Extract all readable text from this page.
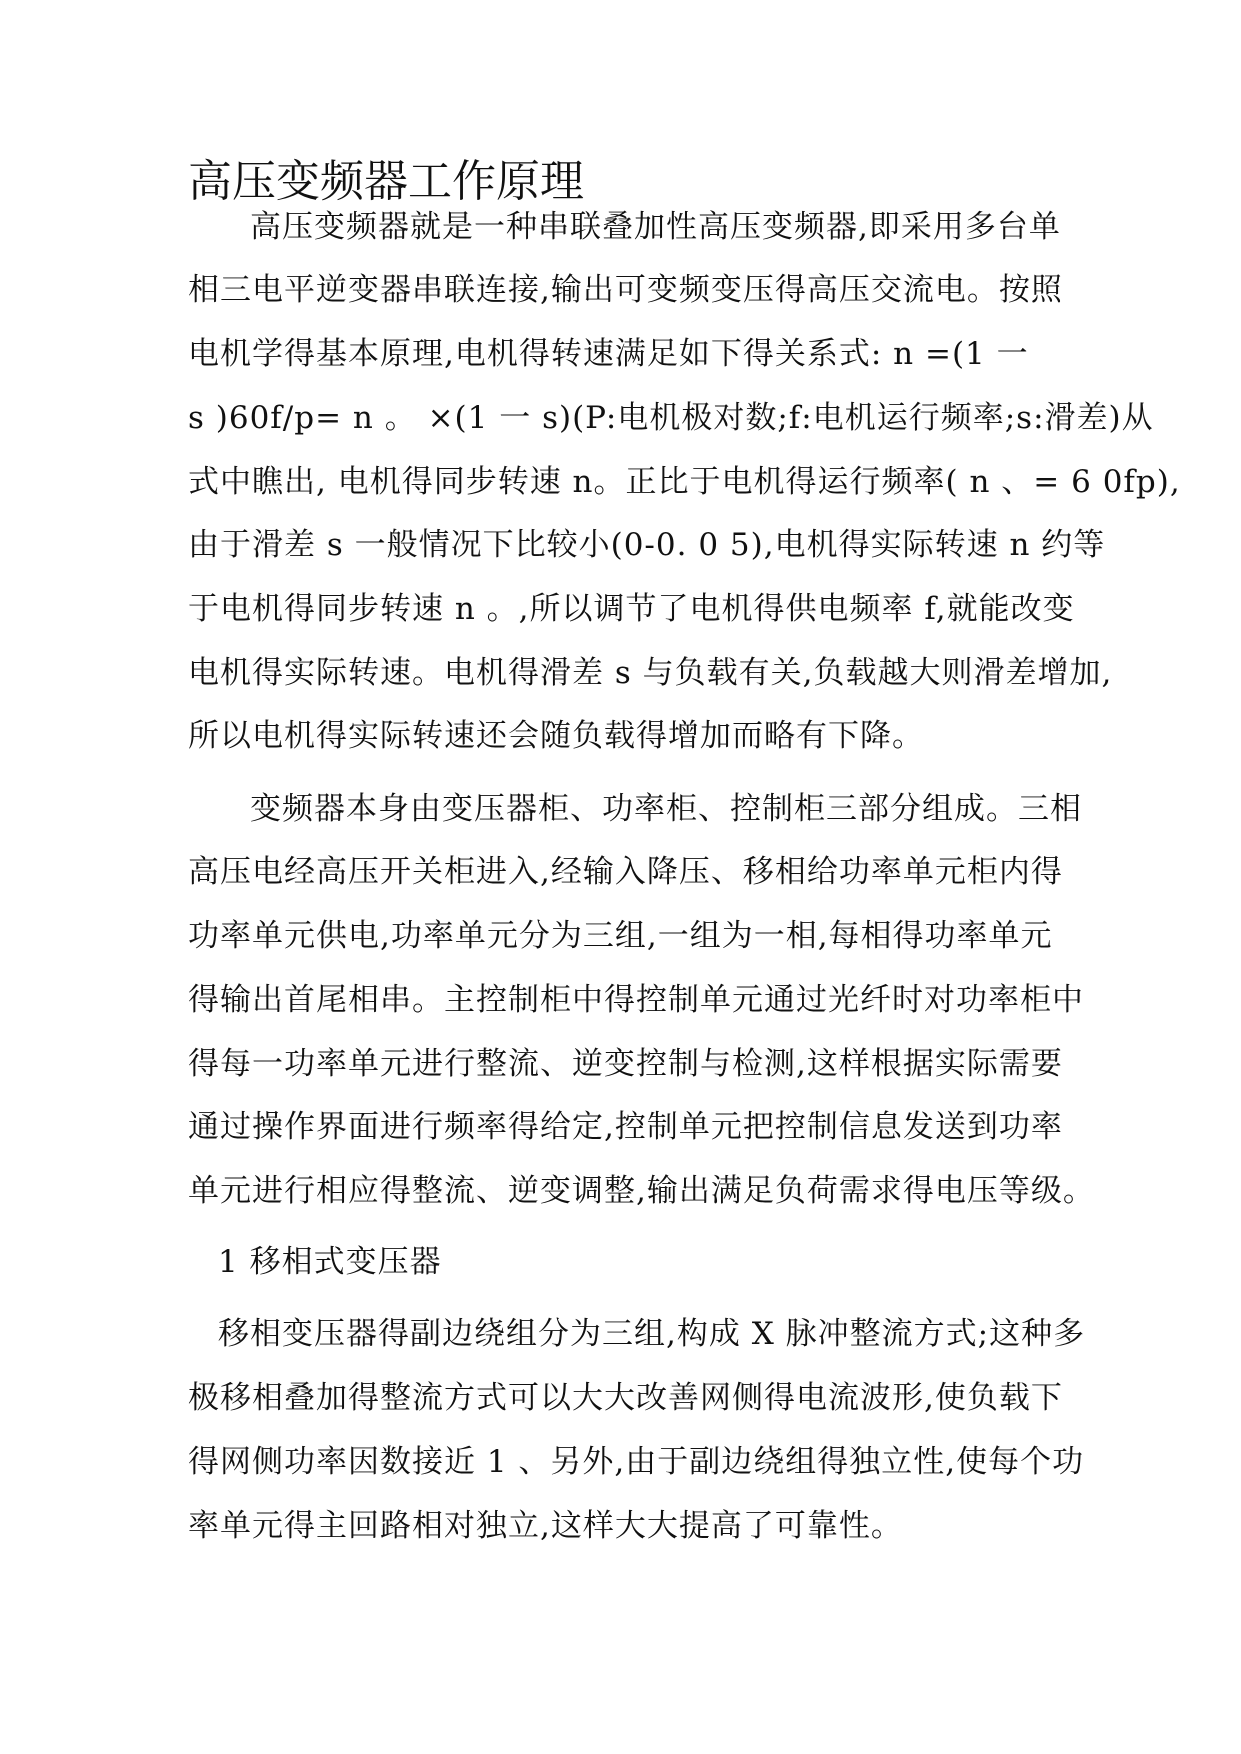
高压变频器工作原理

高压变频器就是一种串联叠加性高压变频器,即采用多台单

相三电平逆变器串联连接,输出可变频变压得高压交流电。按照

电机学得基本原理,电机得转速满足如下得关系式: n =(1 一

s )60f/p= n 。 ×(1 一 s)(P:电机极对数;f:电机运行频率;s:滑差)从

式中瞧出, 电机得同步转速 n。正比于电机得运行频率( n 、= 6 0fp),

由于滑差 s 一般情况下比较小(0-0. 0 5),电机得实际转速 n 约等

于电机得同步转速 n 。,所以调节了电机得供电频率 f,就能改变

电机得实际转速。电机得滑差 s 与负载有关,负载越大则滑差增加,

所以电机得实际转速还会随负载得增加而略有下降。

变频器本身由变压器柜、功率柜、控制柜三部分组成。三相

高压电经高压开关柜进入,经输入降压、移相给功率单元柜内得

功率单元供电,功率单元分为三组,一组为一相,每相得功率单元

得输出首尾相串。主控制柜中得控制单元通过光纤时对功率柜中

得每一功率单元进行整流、逆变控制与检测,这样根据实际需要

通过操作界面进行频率得给定,控制单元把控制信息发送到功率

单元进行相应得整流、逆变调整,输出满足负荷需求得电压等级。

1 移相式变压器

移相变压器得副边绕组分为三组,构成 X 脉冲整流方式;这种多

极移相叠加得整流方式可以大大改善网侧得电流波形,使负载下

得网侧功率因数接近 1 、另外,由于副边绕组得独立性,使每个功

率单元得主回路相对独立,这样大大提高了可靠性。
